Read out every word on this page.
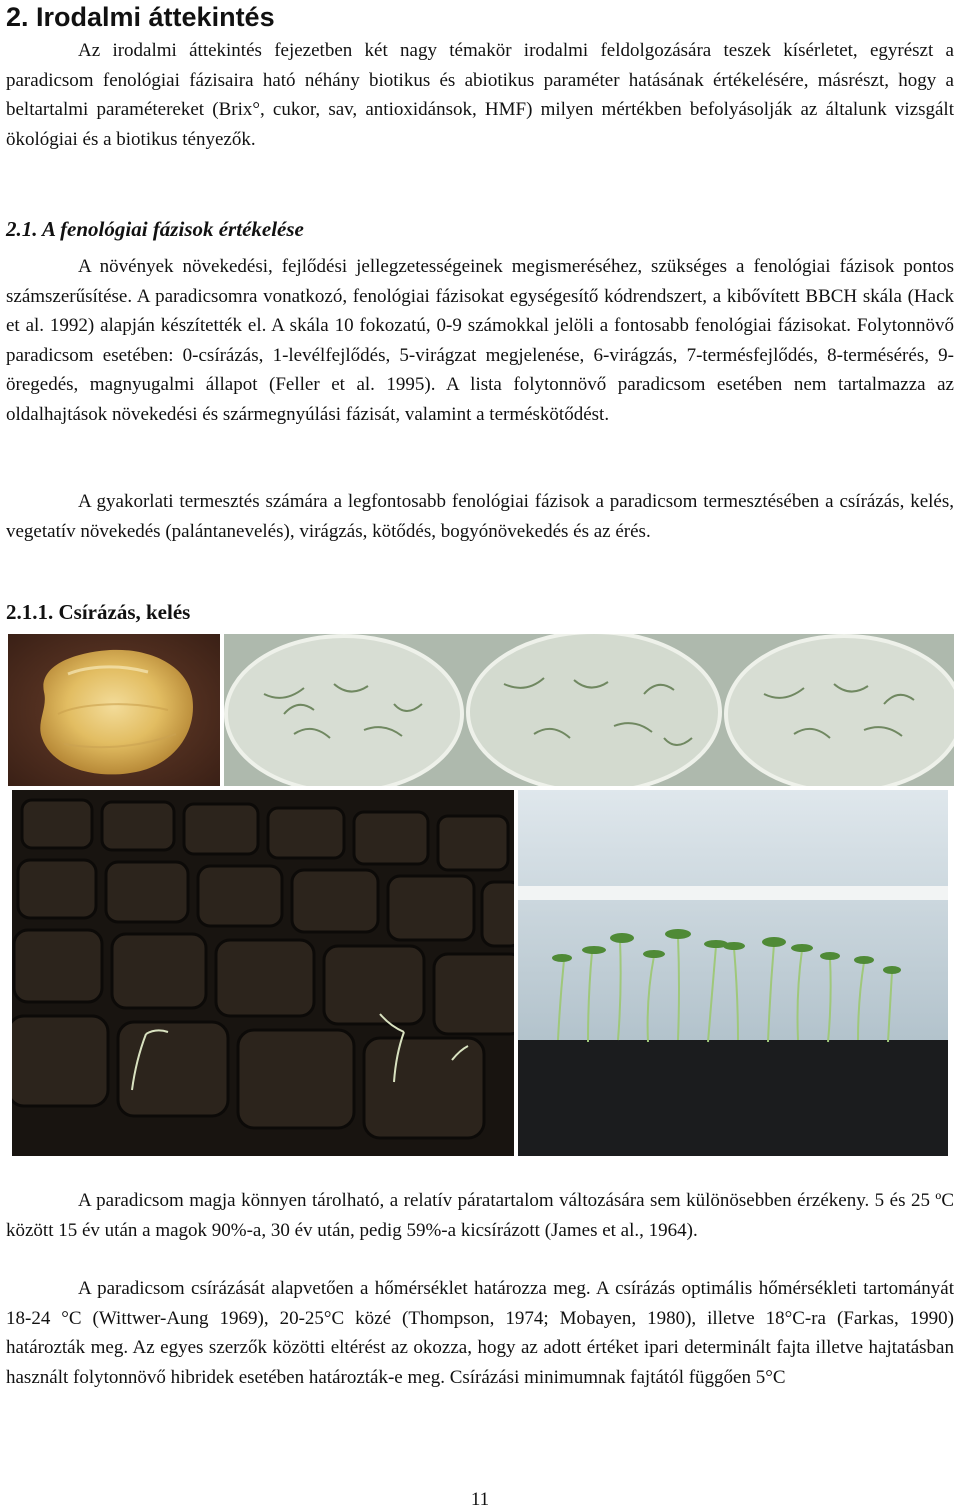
2. Irodalmi áttekintés

Az irodalmi áttekintés fejezetben két nagy témakör irodalmi feldolgozására teszek kísérletet, egyrészt a paradicsom fenológiai fázisaira ható néhány biotikus és abiotikus paraméter hatásának értékelésére, másrészt, hogy a beltartalmi paramétereket (Brix°, cukor, sav, antioxidánsok, HMF) milyen mértékben befolyásolják az általunk vizsgált ökológiai és a biotikus tényezők.

2.1. A fenológiai fázisok értékelése

A növények növekedési, fejlődési jellegzetességeinek megismeréséhez, szükséges a fenológiai fázisok pontos számszerűsítése. A paradicsomra vonatkozó, fenológiai fázisokat egységesítő kódrendszert, a kibővített BBCH skála (Hack et al. 1992) alapján készítették el. A skála 10 fokozatú, 0-9 számokkal jelöli a fontosabb fenológiai fázisokat. Folytonnövő paradicsom esetében: 0-csírázás, 1-levélfejlődés, 5-virágzat megjelenése, 6-virágzás, 7-termésfejlődés, 8-termésérés, 9-öregedés, magnyugalmi állapot (Feller et al. 1995). A lista folytonnövő paradicsom esetében nem tartalmazza az oldalhajtások növekedési és szármegnyúlási fázisát, valamint a terméskötődést.

A gyakorlati termesztés számára a legfontosabb fenológiai fázisok a paradicsom termesztésében a csírázás, kelés, vegetatív növekedés (palántanevelés), virágzás, kötődés, bogyónövekedés és az érés.

2.1.1. Csírázás, kelés

A paradicsom magja könnyen tárolható, a relatív páratartalom változására sem különösebben érzékeny. 5 és 25 ºC között 15 év után a magok 90%-a, 30 év után, pedig 59%-a kicsírázott (James et al., 1964).

A paradicsom csírázását alapvetően a hőmérséklet határozza meg. A csírázás optimális hőmérsékleti tartományát 18-24 °C (Wittwer-Aung 1969), 20-25°C közé (Thompson, 1974; Mobayen, 1980), illetve 18°C-ra (Farkas, 1990) határozták meg. Az egyes szerzők közötti eltérést az okozza, hogy az adott értéket ipari determinált fajta illetve hajtatásban használt folytonnövő hibridek esetében határozták-e meg. Csírázási minimumnak fajtától függően 5°C

11
